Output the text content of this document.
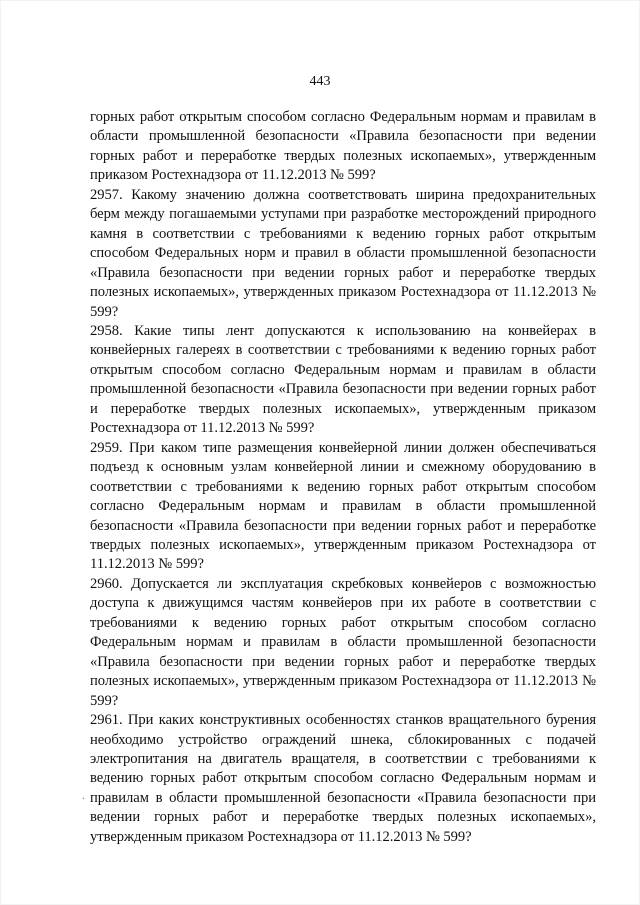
443

горных работ открытым способом согласно Федеральным нормам и правилам в области промышленной безопасности «Правила безопасности при ведении горных работ и переработке твердых полезных ископаемых», утвержденным приказом Ростехнадзора от 11.12.2013 № 599?

2957. Какому значению должна соответствовать ширина предохранительных берм между погашаемыми уступами при разработке месторождений природного камня в соответствии с требованиями к ведению горных работ открытым способом Федеральных норм и правил в области промышленной безопасности «Правила безопасности при ведении горных работ и переработке твердых полезных ископаемых», утвержденных приказом Ростехнадзора от 11.12.2013 № 599?

2958. Какие типы лент допускаются к использованию на конвейерах в конвейерных галереях в соответствии с требованиями к ведению горных работ открытым способом согласно Федеральным нормам и правилам в области промышленной безопасности «Правила безопасности при ведении горных работ и переработке твердых полезных ископаемых», утвержденным приказом Ростехнадзора от 11.12.2013 № 599?

2959. При каком типе размещения конвейерной линии должен обеспечиваться подъезд к основным узлам конвейерной линии и смежному оборудованию в соответствии с требованиями к ведению горных работ открытым способом согласно Федеральным нормам и правилам в области промышленной безопасности «Правила безопасности при ведении горных работ и переработке твердых полезных ископаемых», утвержденным приказом Ростехнадзора от 11.12.2013 № 599?

2960. Допускается ли эксплуатация скребковых конвейеров с возможностью доступа к движущимся частям конвейеров при их работе в соответствии с требованиями к ведению горных работ открытым способом согласно Федеральным нормам и правилам в области промышленной безопасности «Правила безопасности при ведении горных работ и переработке твердых полезных ископаемых», утвержденным приказом Ростехнадзора от 11.12.2013 № 599?

2961. При каких конструктивных особенностях станков вращательного бурения необходимо устройство ограждений шнека, сблокированных с подачей электропитания на двигатель вращателя, в соответствии с требованиями к ведению горных работ открытым способом согласно Федеральным нормам и правилам в области промышленной безопасности «Правила безопасности при ведении горных работ и переработке твердых полезных ископаемых», утвержденным приказом Ростехнадзора от 11.12.2013 № 599?

.
